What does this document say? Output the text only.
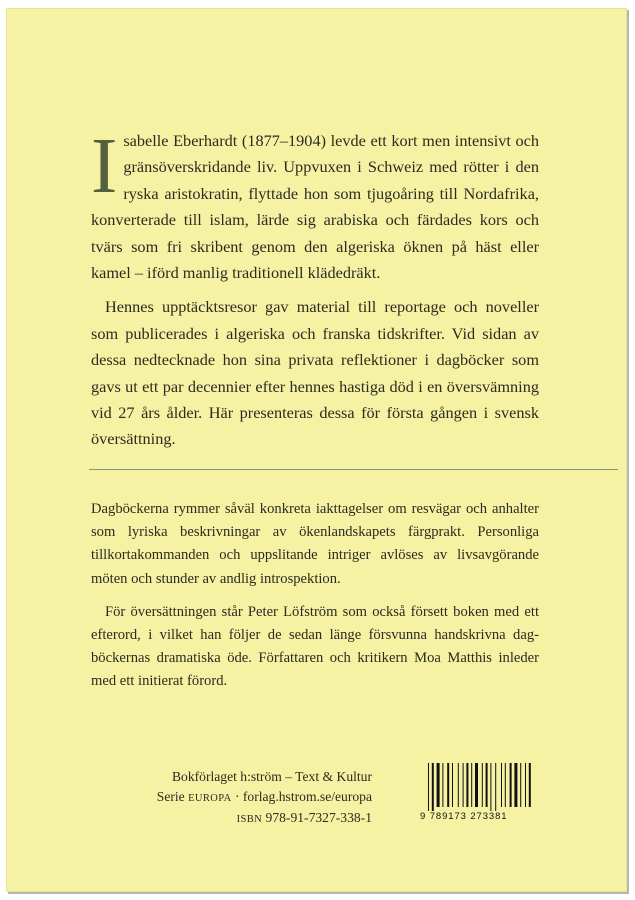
Isabelle Eberhardt (1877–1904) levde ett kort men intensivt och gränsöverskridande liv. Uppvuxen i Schweiz med rötter i den ryska aristokratin, flyttade hon som tjugoåring till Nordafrika, konverterade till islam, lärde sig arabiska och färdades kors och tvärs som fri skribent genom den algeriska öknen på häst eller kamel – iförd manlig traditionell klädedräkt.

Hennes upptäcktsresor gav material till reportage och noveller som publicerades i algeriska och franska tidskrifter. Vid sidan av dessa nedtecknade hon sina privata reflektioner i dagböcker som gavs ut ett par decennier efter hennes hastiga död i en översvämning vid 27 års ålder. Här presenteras dessa för första gången i svensk översättning.

Dagböckerna rymmer såväl konkreta iakttagelser om resvägar och anhalter som lyriska beskrivningar av ökenlandskapets färgprakt. Personliga tillkortakommanden och uppslitande intriger avlöses av livsavgörande möten och stunder av andlig introspektion.

För översättningen står Peter Löfström som också försett boken med ett efterord, i vilket han följer de sedan länge försvunna handskrivna dagböckernas dramatiska öde. Författaren och kritikern Moa Matthis inleder med ett initierat förord.

Bokförlaget h:ström – Text & Kultur
Serie EUROPA · forlag.hstrom.se/europa
ISBN 978-91-7327-338-1	9 789173 273381
